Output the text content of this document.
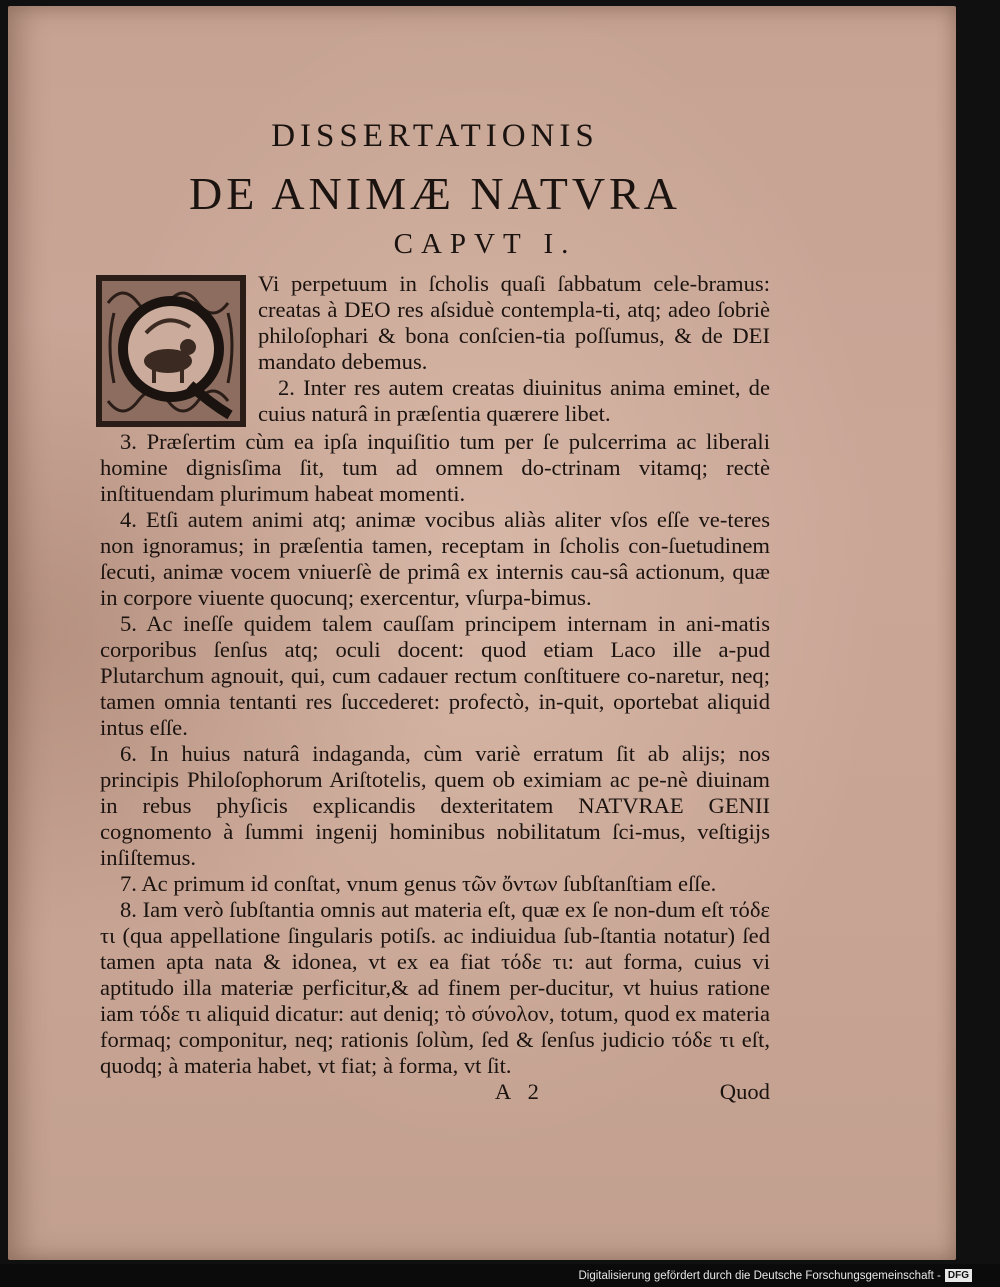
DISSERTATIONIS
DE ANIMÆ NATVRA
CAPVT I.

Vi perpetuum in ſcholis quaſi ſabbatum cele-bramus: creatas à DEO res aſsiduè contempla-ti, atq; adeo ſobriè philoſophari & bona conſcien-tia poſſumus, & de DEI mandato debemus.

2. Inter res autem creatas diuinitus anima eminet, de cuius naturâ in præſentia quærere libet.

3. Præſertim cùm ea ipſa inquiſitio tum per ſe pulcerrima ac liberali homine dignisſima ſit, tum ad omnem do-ctrinam vitamq; rectè inſtituendam plurimum habeat momenti.

4. Etſi autem animi atq; animæ vocibus aliàs aliter vſos eſſe ve-teres non ignoramus; in præſentia tamen, receptam in ſcholis con-ſuetudinem ſecuti, animæ vocem vniuerſè de primâ ex internis cau-sâ actionum, quæ in corpore viuente quocunq; exercentur, vſurpa-bimus.

5. Ac ineſſe quidem talem cauſſam principem internam in ani-matis corporibus ſenſus atq; oculi docent: quod etiam Laco ille a-pud Plutarchum agnouit, qui, cum cadauer rectum conſtituere co-naretur, neq; tamen omnia tentanti res ſucce‍deret: profectò, in-quit, oportebat aliquid intus eſſe.

6. In huius naturâ indaganda, cùm variè erratum ſit ab alijs; nos principis Philoſophorum Ariſtotelis, quem ob eximiam ac pe-nè diuinam in rebus phyſicis explicandis dexteritatem NATVRAE GENII cognomento à ſummi ingenij hominibus nobilitatum ſci-mus, veſtigijs inſiſtemus.

7. Ac primum id conſtat, vnum genus τῶν ὄντων ſubſtanſtiam eſſe.

8. Iam verò ſubſtantia omnis aut materia eſt, quæ ex ſe non-dum eſt τόδε τι (qua appellatione ſingularis potiſs. ac indiuidua ſub-ſtantia notatur) ſed tamen apta nata & idonea, vt ex ea fiat τόδε τι: aut forma, cuius vi aptitudo illa materiæ perficitur,& ad finem per-ducitur, vt huius ratione iam τόδε τι aliquid dicatur: aut deniq; τὸ σύνολον, totum, quod ex materia formaq; componitur, neq; rationis ſolùm, ſed & ſenſus judicio τόδε τι eſt, quodq; à materia habet, vt fiat; à forma, vt ſit.

A 2	Quod
Digitalisierung gefördert durch die Deutsche Forschungsgemeinschaft - DFG
